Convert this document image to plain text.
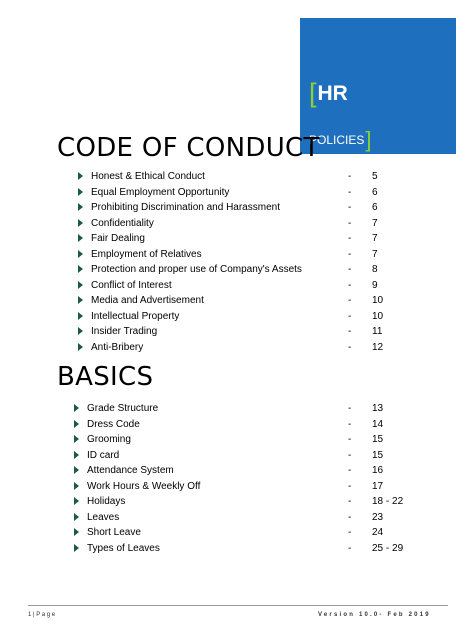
[HR
POLICIES]
CODE OF CONDUCT
BASICS
Honest & Ethical Conduct	- 5
Equal Employment Opportunity	- 6
Prohibiting Discrimination and Harassment	- 6
Confidentiality	- 7
Fair Dealing	- 7
Employment of Relatives	- 7
Protection and proper use of Company's Assets	- 8
Conflict of Interest	- 9
Media and Advertisement	- 10
Intellectual Property	- 10
Insider Trading	- 11
Anti-Bribery	- 12
Grade Structure	- 13
Dress Code	- 14
Grooming	- 15
ID card	- 15
Attendance System	- 16
Work Hours & Weekly Off	- 17
Holidays	- 18 - 22
Leaves	- 23
Short Leave	- 24
Types of Leaves	- 25 - 29
1 | P a g e	Version 10.0- Feb 2019
